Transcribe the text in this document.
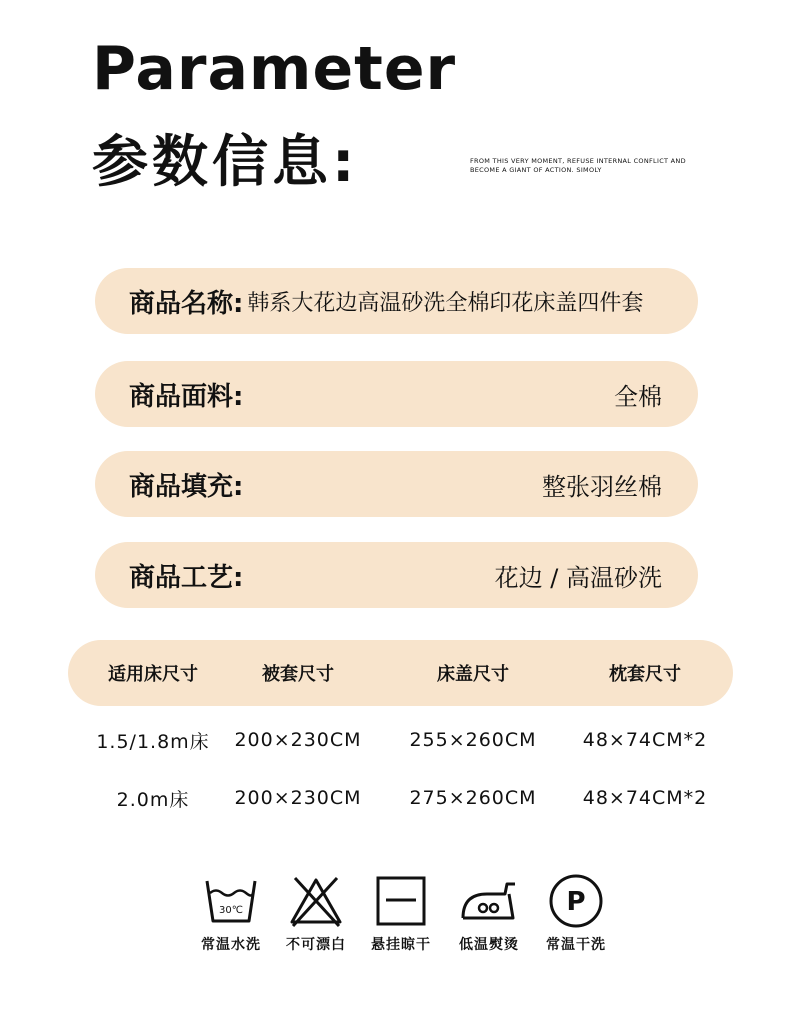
Parameter
参数信息:	FROM THIS VERY MOMENT, REFUSE INTERNAL CONFLICT AND BECOME A GIANT OF ACTION. SIMOLY
商品名称: 韩系大花边高温砂洗全棉印花床盖四件套
商品面料:	全棉
商品填充:	整张羽丝棉
商品工艺:	花边 / 高温砂洗
适用床尺寸	被套尺寸	床盖尺寸	枕套尺寸
1.5/1.8m床	200×230CM	255×260CM	48×74CM*2
2.0m床	200×230CM	275×260CM	48×74CM*2
30℃
常温水洗	不可漂白	悬挂晾干	低温熨烫
P
常温干洗
